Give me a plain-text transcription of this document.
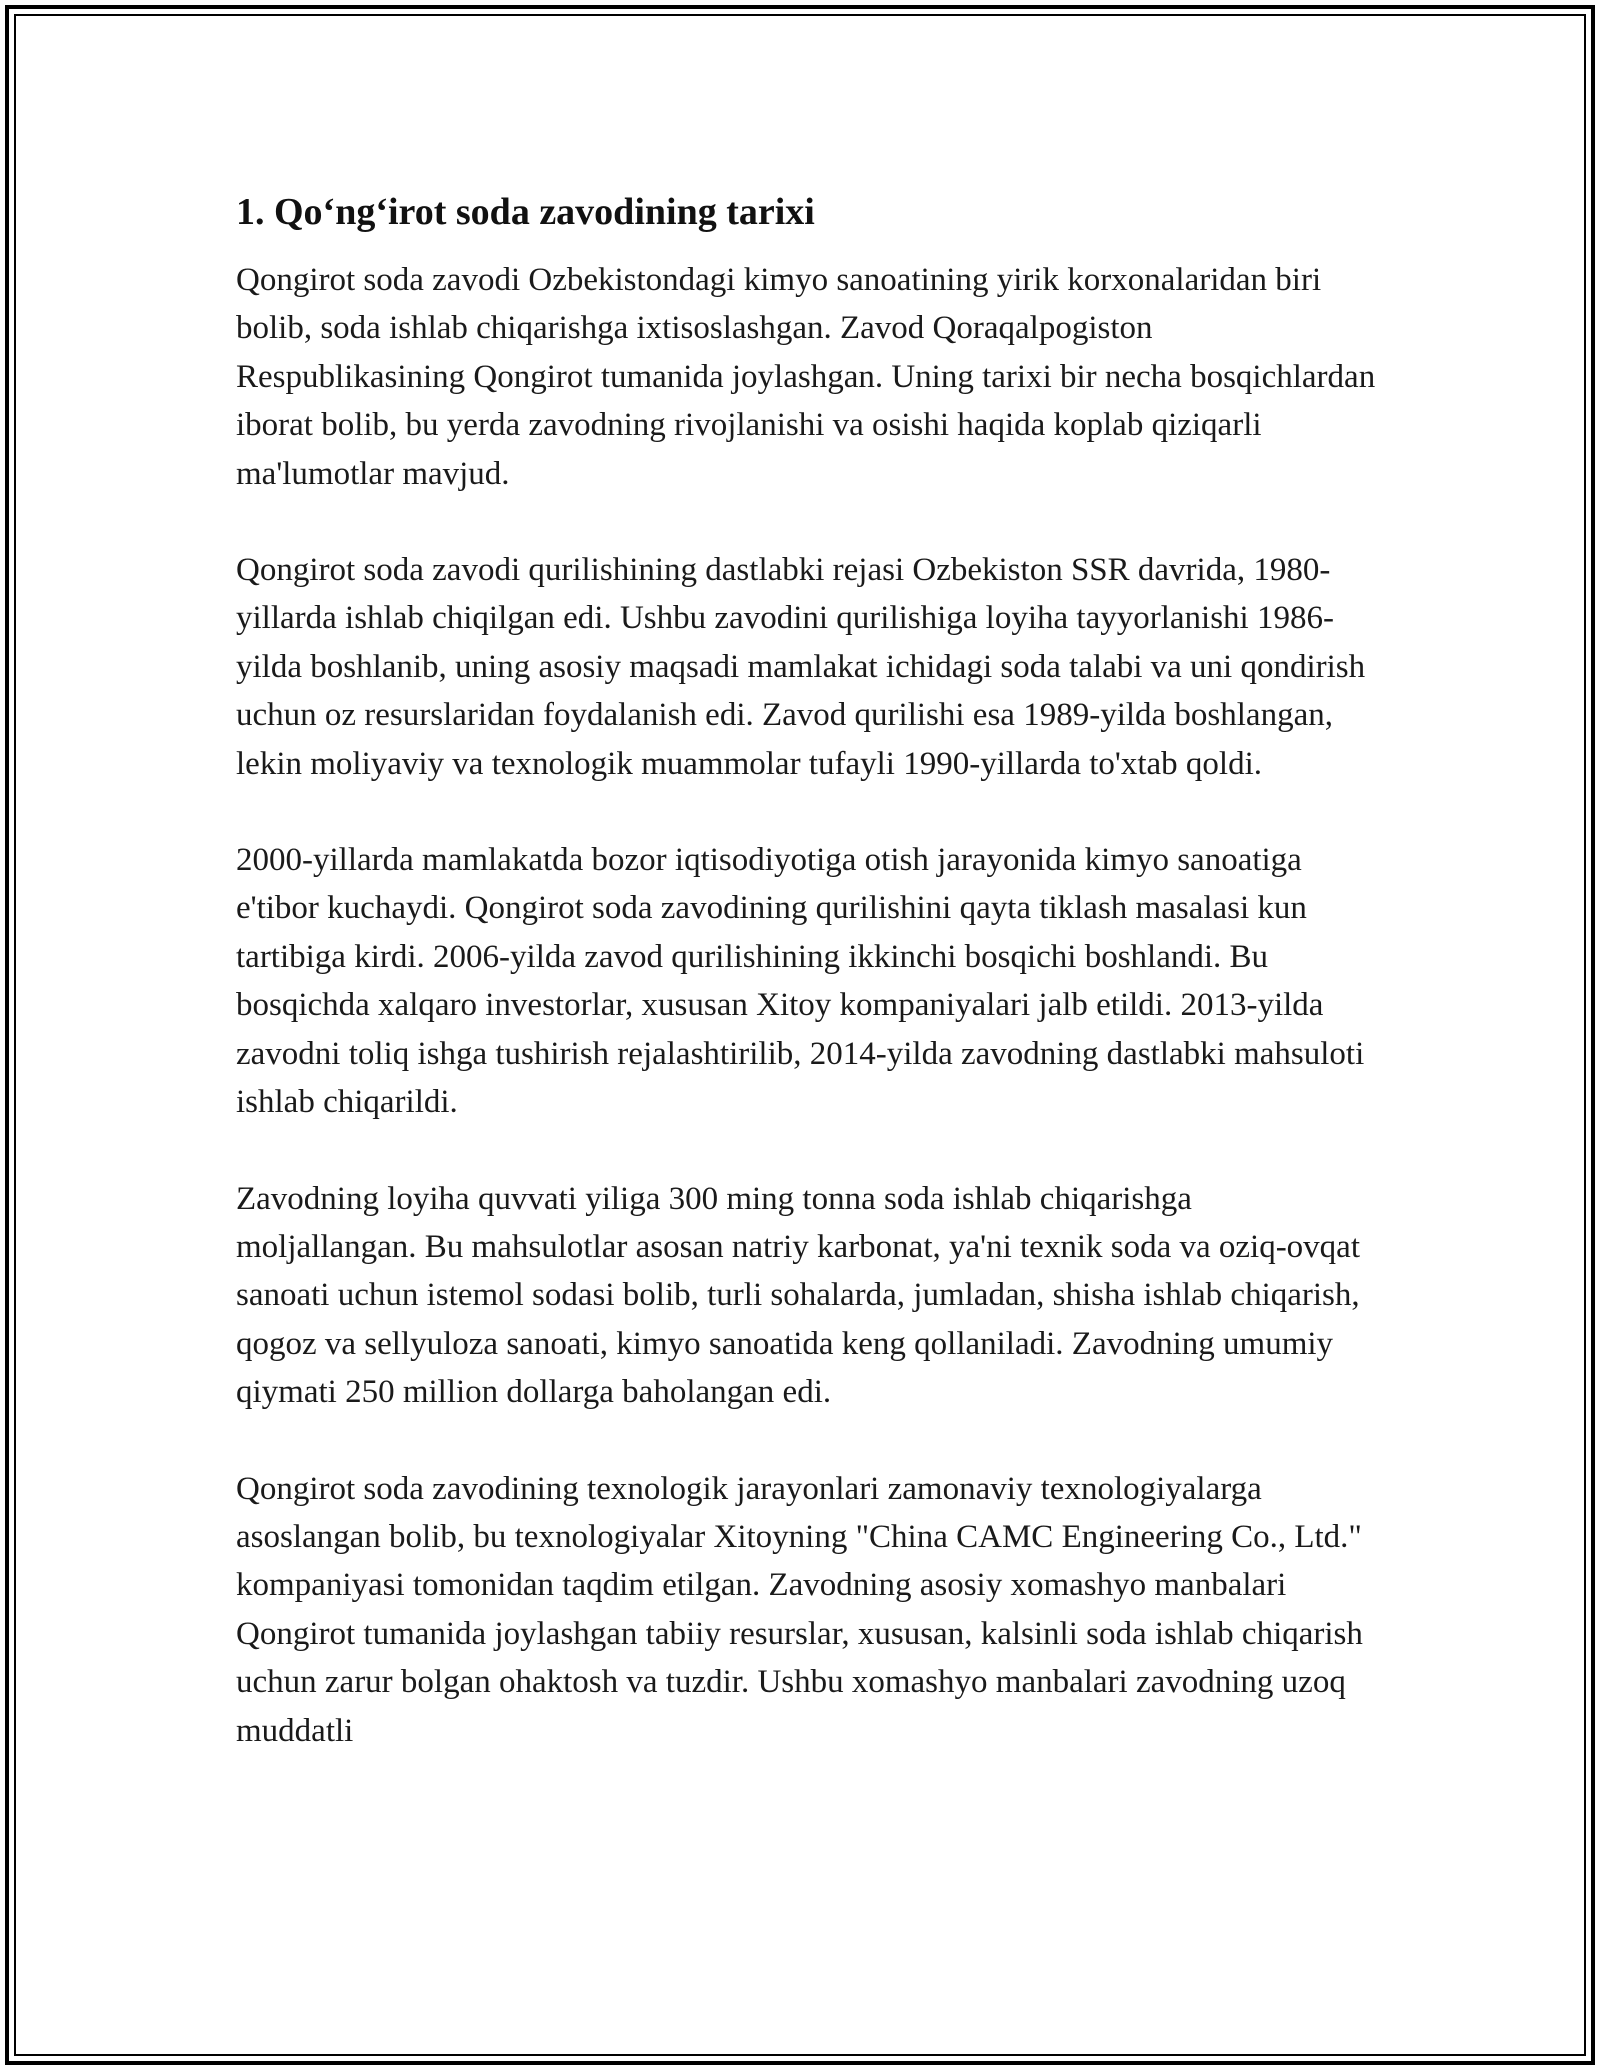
1. Qo‘ng‘irot soda zavodining tarixi

Qongirot soda zavodi Ozbekistondagi kimyo sanoatining yirik korxonalaridan biri bolib, soda ishlab chiqarishga ixtisoslashgan. Zavod Qoraqalpogiston Respublikasining Qongirot tumanida joylashgan. Uning tarixi bir necha bosqichlardan iborat bolib, bu yerda zavodning rivojlanishi va osishi haqida koplab qiziqarli ma'lumotlar mavjud.

Qongirot soda zavodi qurilishining dastlabki rejasi Ozbekiston SSR davrida, 1980-yillarda ishlab chiqilgan edi. Ushbu zavodini qurilishiga loyiha tayyorlanishi 1986-yilda boshlanib, uning asosiy maqsadi mamlakat ichidagi soda talabi va uni qondirish uchun oz resurslaridan foydalanish edi. Zavod qurilishi esa 1989-yilda boshlangan, lekin moliyaviy va texnologik muammolar tufayli 1990-yillarda to'xtab qoldi.

2000-yillarda mamlakatda bozor iqtisodiyotiga otish jarayonida kimyo sanoatiga e'tibor kuchaydi. Qongirot soda zavodining qurilishini qayta tiklash masalasi kun tartibiga kirdi. 2006-yilda zavod qurilishining ikkinchi bosqichi boshlandi. Bu bosqichda xalqaro investorlar, xususan Xitoy kompaniyalari jalb etildi. 2013-yilda zavodni toliq ishga tushirish rejalashtirilib, 2014-yilda zavodning dastlabki mahsuloti ishlab chiqarildi.

Zavodning loyiha quvvati yiliga 300 ming tonna soda ishlab chiqarishga moljallangan. Bu mahsulotlar asosan natriy karbonat, ya'ni texnik soda va oziq-ovqat sanoati uchun istemol sodasi bolib, turli sohalarda, jumladan, shisha ishlab chiqarish, qogoz va sellyuloza sanoati, kimyo sanoatida keng qollaniladi. Zavodning umumiy qiymati 250 million dollarga baholangan edi.

Qongirot soda zavodining texnologik jarayonlari zamonaviy texnologiyalarga asoslangan bolib, bu texnologiyalar Xitoyning "China CAMC Engineering Co., Ltd." kompaniyasi tomonidan taqdim etilgan. Zavodning asosiy xomashyo manbalari Qongirot tumanida joylashgan tabiiy resurslar, xususan, kalsinli soda ishlab chiqarish uchun zarur bolgan ohaktosh va tuzdir. Ushbu xomashyo manbalari zavodning uzoq muddatli
